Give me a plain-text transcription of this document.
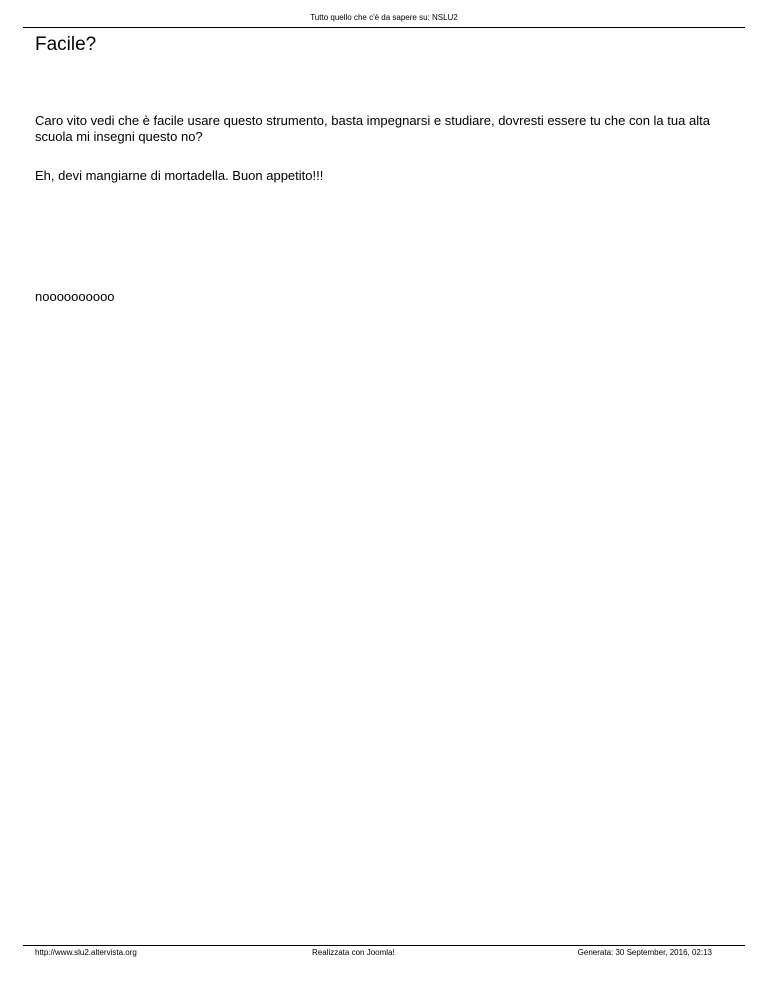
Tutto quello che c'è da sapere su: NSLU2
Facile?

Caro vito vedi che è facile usare questo strumento, basta impegnarsi e studiare, dovresti essere tu che con la tua alta scuola mi insegni questo no?

Eh, devi mangiarne di mortadella. Buon appetito!!!

noooooooooo

http://www.slu2.altervista.org	Realizzata con Joomla!	Generata: 30 September, 2016, 02:13
